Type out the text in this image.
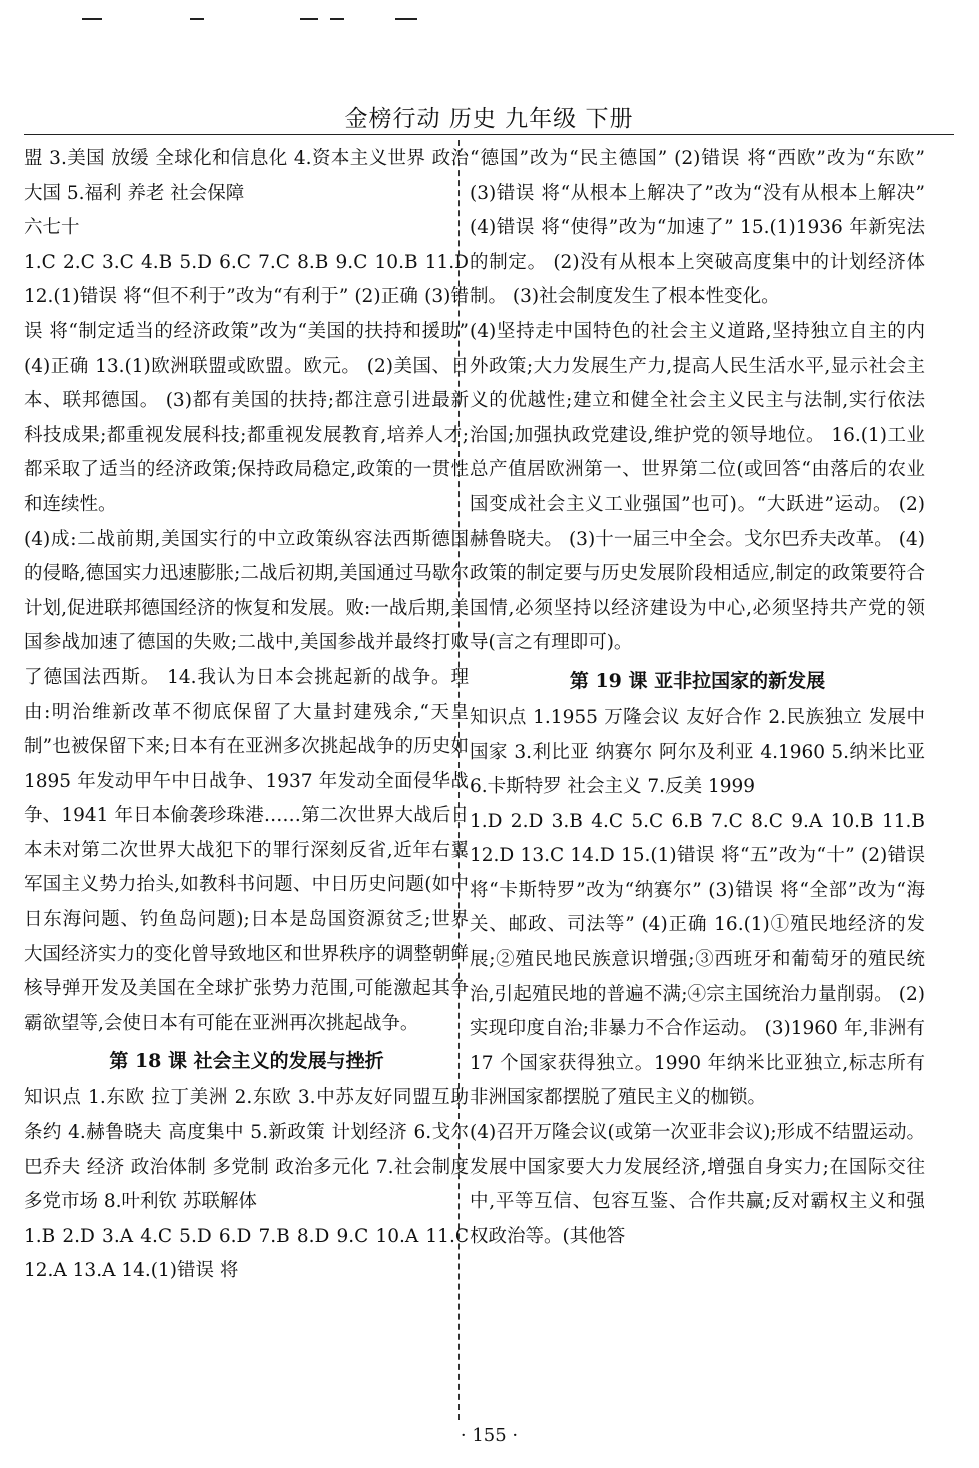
金榜行动 历史 九年级 下册

盟 3.美国 放缓 全球化和信息化 4.资本主义世界 政治大国 5.福利 养老 社会保障

六七十

1.C 2.C 3.C 4.B 5.D 6.C 7.C 8.B 9.C 10.B 11.D 12.(1)错误 将“但不利于”改为“有利于” (2)正确 (3)错误 将“制定适当的经济政策”改为“美国的扶持和援助” (4)正确 13.(1)欧洲联盟或欧盟。欧元。 (2)美国、日本、联邦德国。 (3)都有美国的扶持;都注意引进最新科技成果;都重视发展科技;都重视发展教育,培养人才;都采取了适当的经济政策;保持政局稳定,政策的一贯性和连续性。

(4)成:二战前期,美国实行的中立政策纵容法西斯德国的侵略,德国实力迅速膨胀;二战后初期,美国通过马歇尔计划,促进联邦德国经济的恢复和发展。败:一战后期,美国参战加速了德国的失败;二战中,美国参战并最终打败了德国法西斯。 14.我认为日本会挑起新的战争。理由:明治维新改革不彻底保留了大量封建残余,“天皇制”也被保留下来;日本有在亚洲多次挑起战争的历史如 1895 年发动甲午中日战争、1937 年发动全面侵华战争、1941 年日本偷袭珍珠港……第二次世界大战后日本未对第二次世界大战犯下的罪行深刻反省,近年右翼军国主义势力抬头,如教科书问题、中日历史问题(如中日东海问题、钓鱼岛问题);日本是岛国资源贫乏;世界大国经济实力的变化曾导致地区和世界秩序的调整朝鲜核导弹开发及美国在全球扩张势力范围,可能激起其争霸欲望等,会使日本有可能在亚洲再次挑起战争。

第 18 课 社会主义的发展与挫折

知识点 1.东欧 拉丁美洲 2.东欧 3.中苏友好同盟互助条约 4.赫鲁晓夫 高度集中 5.新政策 计划经济 6.戈尔巴乔夫 经济 政治体制 多党制 政治多元化 7.社会制度 多党市场 8.叶利钦 苏联解体

1.B 2.D 3.A 4.C 5.D 6.D 7.B 8.D 9.C 10.A 11.C 12.A 13.A 14.(1)错误 将

“德国”改为“民主德国” (2)错误 将“西欧”改为“东欧” (3)错误 将“从根本上解决了”改为“没有从根本上解决” (4)错误 将“使得”改为“加速了” 15.(1)1936 年新宪法的制定。 (2)没有从根本上突破高度集中的计划经济体制。 (3)社会制度发生了根本性变化。

(4)坚持走中国特色的社会主义道路,坚持独立自主的内外政策;大力发展生产力,提高人民生活水平,显示社会主义的优越性;建立和健全社会主义民主与法制,实行依法治国;加强执政党建设,维护党的领导地位。 16.(1)工业总产值居欧洲第一、世界第二位(或回答“由落后的农业国变成社会主义工业强国”也可)。“大跃进”运动。 (2)赫鲁晓夫。 (3)十一届三中全会。戈尔巴乔夫改革。 (4)政策的制定要与历史发展阶段相适应,制定的政策要符合国情,必须坚持以经济建设为中心,必须坚持共产党的领导(言之有理即可)。

第 19 课 亚非拉国家的新发展

知识点 1.1955 万隆会议 友好合作 2.民族独立 发展中国家 3.利比亚 纳赛尔 阿尔及利亚 4.1960 5.纳米比亚 6.卡斯特罗 社会主义 7.反美 1999

1.D 2.D 3.B 4.C 5.C 6.B 7.C 8.C 9.A 10.B 11.B 12.D 13.C 14.D 15.(1)错误 将“五”改为“十” (2)错误 将“卡斯特罗”改为“纳赛尔” (3)错误 将“全部”改为“海关、邮政、司法等” (4)正确 16.(1)①殖民地经济的发展;②殖民地民族意识增强;③西班牙和葡萄牙的殖民统治,引起殖民地的普遍不满;④宗主国统治力量削弱。 (2)实现印度自治;非暴力不合作运动。 (3)1960 年,非洲有 17 个国家获得独立。1990 年纳米比亚独立,标志所有非洲国家都摆脱了殖民主义的枷锁。

(4)召开万隆会议(或第一次亚非会议);形成不结盟运动。发展中国家要大力发展经济,增强自身实力;在国际交往中,平等互信、包容互鉴、合作共赢;反对霸权主义和强权政治等。(其他答

· 155 ·
